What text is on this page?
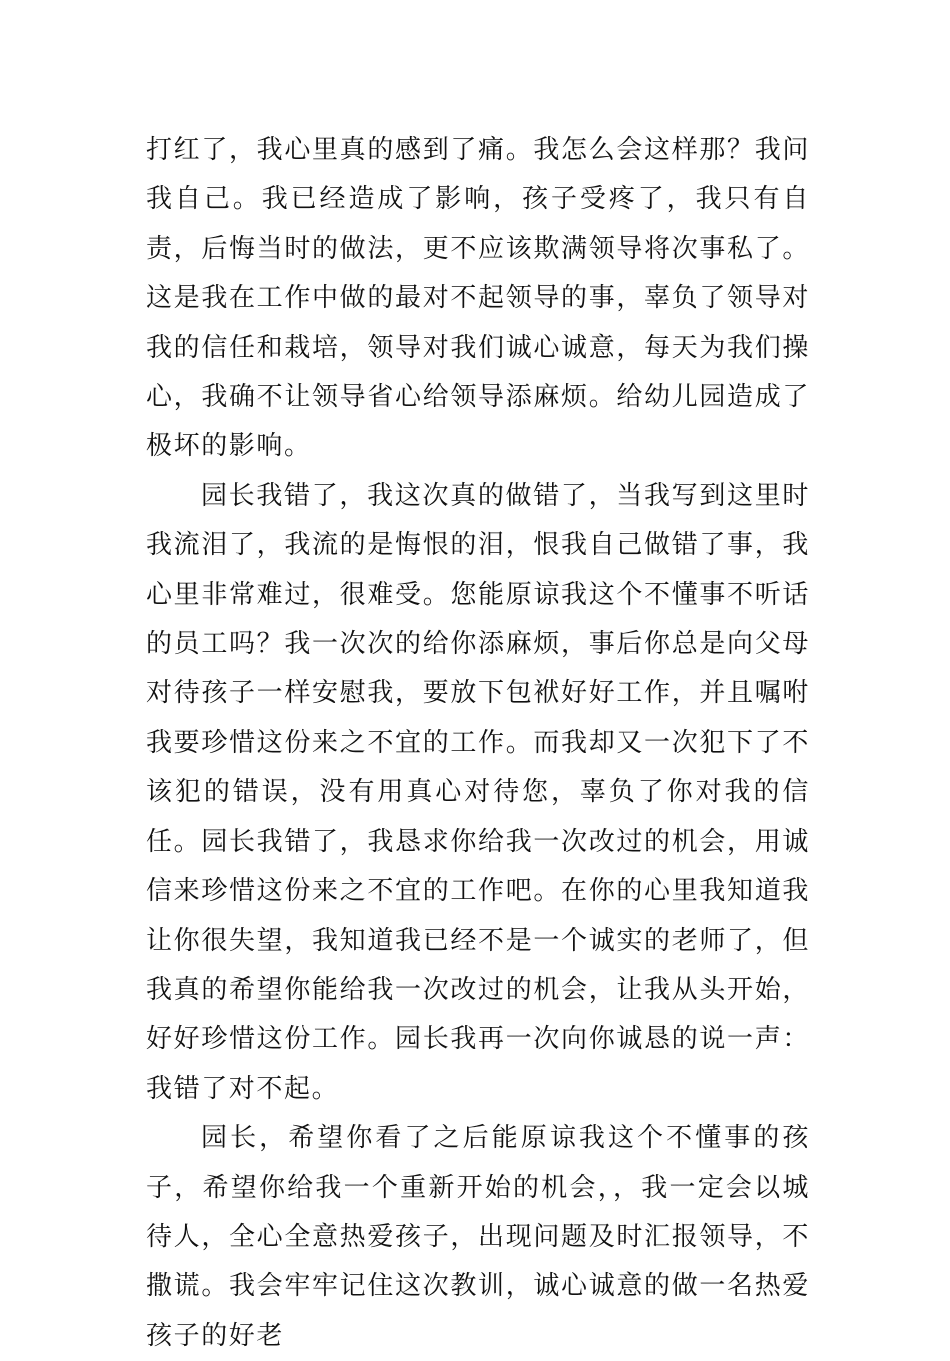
打红了，我心里真的感到了痛。我怎么会这样那？我问我自己。我已经造成了影响，孩子受疼了，我只有自责，后悔当时的做法，更不应该欺满领导将次事私了。这是我在工作中做的最对不起领导的事，辜负了领导对我的信任和栽培，领导对我们诚心诚意，每天为我们操心，我确不让领导省心给领导添麻烦。给幼儿园造成了极坏的影响。

园长我错了，我这次真的做错了，当我写到这里时我流泪了，我流的是悔恨的泪，恨我自己做错了事，我心里非常难过，很难受。您能原谅我这个不懂事不听话的员工吗？我一次次的给你添麻烦，事后你总是向父母对待孩子一样安慰我，要放下包袱好好工作，并且嘱咐我要珍惜这份来之不宜的工作。而我却又一次犯下了不该犯的错误，没有用真心对待您，辜负了你对我的信任。园长我错了，我恳求你给我一次改过的机会，用诚信来珍惜这份来之不宜的工作吧。在你的心里我知道我让你很失望，我知道我已经不是一个诚实的老师了，但我真的希望你能给我一次改过的机会，让我从头开始，好好珍惜这份工作。园长我再一次向你诚恳的说一声：我错了对不起。

园长，希望你看了之后能原谅我这个不懂事的孩子，希望你给我一个重新开始的机会，，我一定会以城待人，全心全意热爱孩子，出现问题及时汇报领导，不撒谎。我会牢牢记住这次教训，诚心诚意的做一名热爱孩子的好老
